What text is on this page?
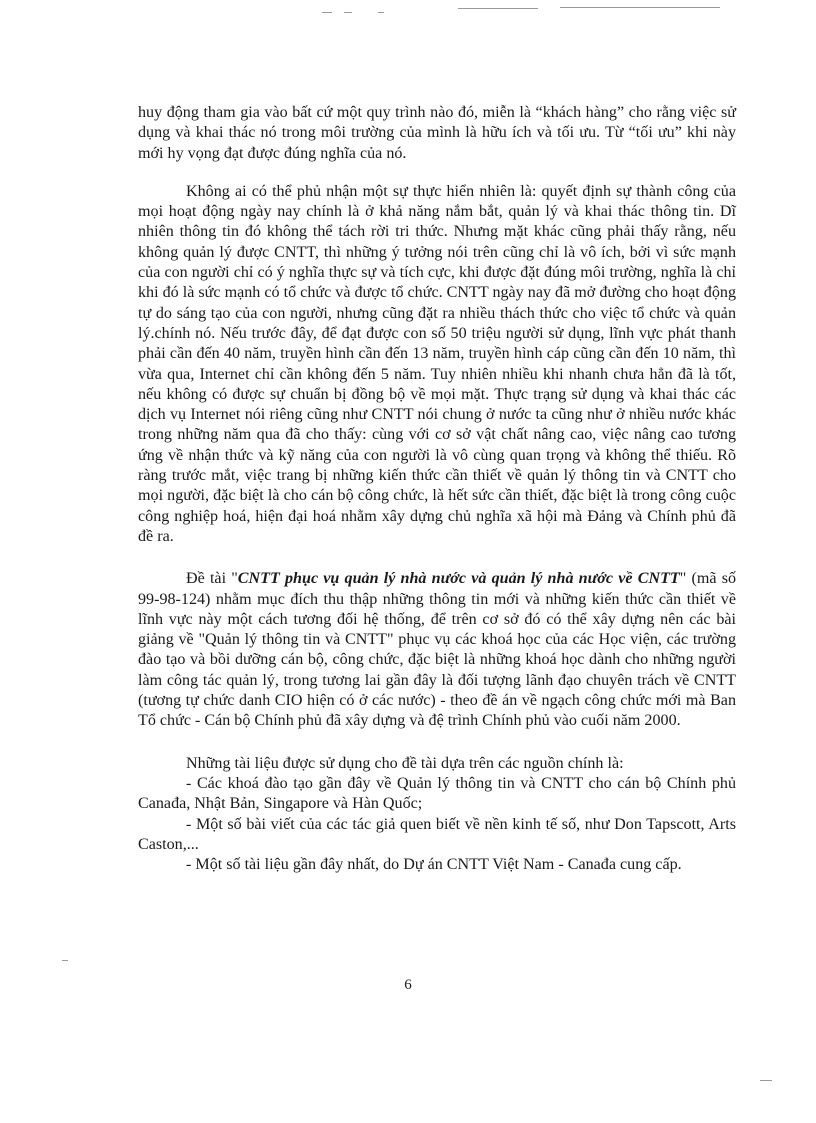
huy động tham gia vào bất cứ một quy trình nào đó, miễn là “khách hàng” cho rằng việc sử dụng và khai thác nó trong môi trường của mình là hữu ích và tối ưu. Từ “tối ưu” khi này mới hy vọng đạt được đúng nghĩa của nó.

Không ai có thể phủ nhận một sự thực hiển nhiên là: quyết định sự thành công của mọi hoạt động ngày nay chính là ở khả năng nắm bắt, quản lý và khai thác thông tin. Dĩ nhiên thông tin đó không thể tách rời tri thức. Nhưng mặt khác cũng phải thấy rằng, nếu không quản lý được CNTT, thì những ý tưởng nói trên cũng chỉ là vô ích, bởi vì sức mạnh của con người chỉ có ý nghĩa thực sự và tích cực, khi được đặt đúng môi trường, nghĩa là chỉ khi đó là sức mạnh có tổ chức và được tổ chức. CNTT ngày nay đã mở đường cho hoạt động tự do sáng tạo của con người, nhưng cũng đặt ra nhiều thách thức cho việc tổ chức và quản lý.chính nó. Nếu trước đây, để đạt được con số 50 triệu người sử dụng, lĩnh vực phát thanh phải cần đến 40 năm, truyền hình cần đến 13 năm, truyền hình cáp cũng cần đến 10 năm, thì vừa qua, Internet chỉ cần không đến 5 năm. Tuy nhiên nhiều khi nhanh chưa hẳn đã là tốt, nếu không có được sự chuẩn bị đồng bộ về mọi mặt. Thực trạng sử dụng và khai thác các dịch vụ Internet nói riêng cũng như CNTT nói chung ở nước ta cũng như ở nhiều nước khác trong những năm qua đã cho thấy: cùng với cơ sở vật chất nâng cao, việc nâng cao tương ứng về nhận thức và kỹ năng của con người là vô cùng quan trọng và không thể thiếu. Rõ ràng trước mắt, việc trang bị những kiến thức cần thiết về quản lý thông tin và CNTT cho mọi người, đặc biệt là cho cán bộ công chức, là hết sức cần thiết, đặc biệt là trong công cuộc công nghiệp hoá, hiện đại hoá nhằm xây dựng chủ nghĩa xã hội mà Đảng và Chính phủ đã đề ra.

Đề tài "CNTT phục vụ quản lý nhà nước và quản lý nhà nước về CNTT" (mã số 99-98-124) nhằm mục đích thu thập những thông tin mới và những kiến thức cần thiết về lĩnh vực này một cách tương đối hệ thống, để trên cơ sở đó có thể xây dựng nên các bài giảng về "Quản lý thông tin và CNTT" phục vụ các khoá học của các Học viện, các trường đào tạo và bồi dưỡng cán bộ, công chức, đặc biệt là những khoá học dành cho những người làm công tác quản lý, trong tương lai gần đây là đối tượng lãnh đạo chuyên trách về CNTT (tương tự chức danh CIO hiện có ở các nước) - theo đề án về ngạch công chức mới mà Ban Tổ chức - Cán bộ Chính phủ đã xây dựng và đệ trình Chính phủ vào cuối năm 2000.

Những tài liệu được sử dụng cho đề tài dựa trên các nguồn chính là:

- Các khoá đào tạo gần đây về Quản lý thông tin và CNTT cho cán bộ Chính phủ Canađa, Nhật Bản, Singapore và Hàn Quốc;

- Một số bài viết của các tác giả quen biết về nền kinh tế số, như Don Tapscott, Arts Caston,...

- Một số tài liệu gần đây nhất, do Dự án CNTT Việt Nam - Canađa cung cấp.

6
